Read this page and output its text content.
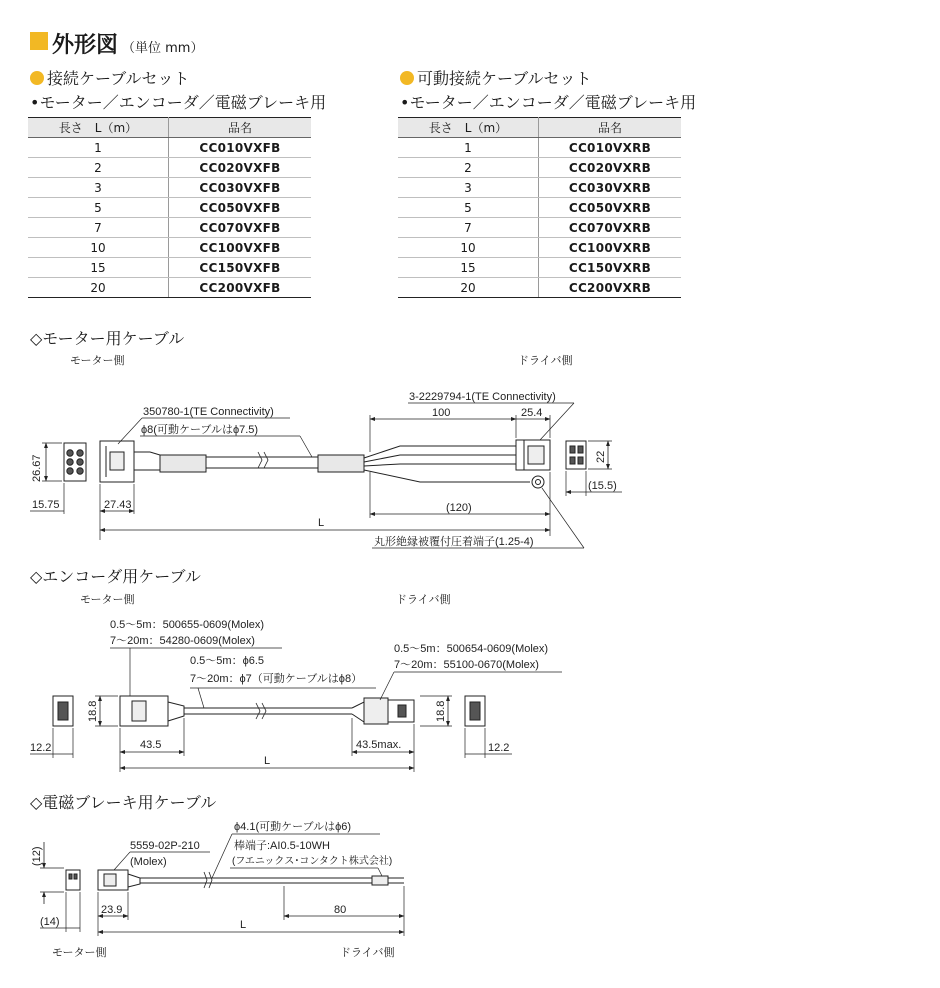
外形図 （単位 mm）
接続ケーブルセット
•モーター／エンコーダ／電磁ブレーキ用
長さ　L（m）	品名
1	CC010VXFB
2	CC020VXFB
3	CC030VXFB
5	CC050VXFB
7	CC070VXFB
10	CC100VXFB
15	CC150VXFB
20	CC200VXFB
可動接続ケーブルセット
•モーター／エンコーダ／電磁ブレーキ用
長さ　L（m）	品名
1	CC010VXRB
2	CC020VXRB
3	CC030VXRB
5	CC050VXRB
7	CC070VXRB
10	CC100VXRB
15	CC150VXRB
20	CC200VXRB
◇モーター用ケーブル
モーター側	ドライバ側
◇エンコーダ用ケーブル
モーター側	ドライバ側
◇電磁ブレーキ用ケーブル
モーター側	ドライバ側
350780-1(TE Connectivity)
ϕ8(可動ケーブルはϕ7.5)
3-2229794-1(TE Connectivity)
100	25.4
(120)
26.67
15.75	27.43
L
22
(15.5)
丸形絶縁被覆付圧着端子(1.25-4)
0.5～5m：500655-0609(Molex)
7～20m：54280-0609(Molex)
0.5～5m：ϕ6.5
7～20m：ϕ7（可動ケーブルはϕ8）
0.5～5m：500654-0609(Molex)
7～20m：55100-0670(Molex)
18.8	18.8
12.2	12.2
43.5	43.5max.
L
ϕ4.1(可動ケーブルはϕ6)
5559-02P-210
(Molex)
棒端子:AI0.5-10WH
(フエニックス･コンタクト株式会社)
(12)
(14)
23.9	80
L
